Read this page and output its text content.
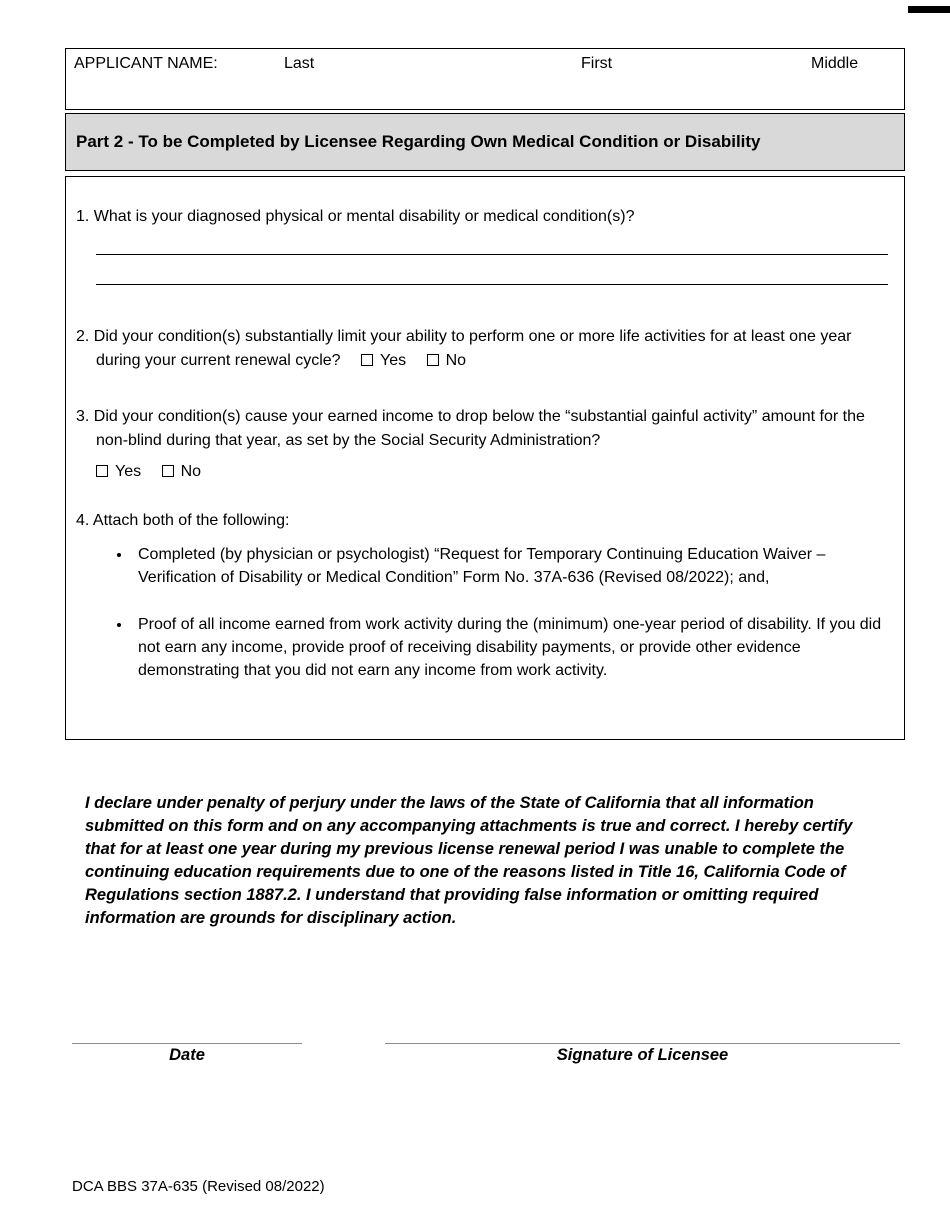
APPLICANT NAME:	Last	First	Middle
Part 2 - To be Completed by Licensee Regarding Own Medical Condition or Disability
1. What is your diagnosed physical or mental disability or medical condition(s)?
2. Did your condition(s) substantially limit your ability to perform one or more life activities for at least one year during your current renewal cycle? Yes No
3. Did your condition(s) cause your earned income to drop below the “substantial gainful activity” amount for the non-blind during that year, as set by the Social Security Administration?
Yes No
4. Attach both of the following:
• Completed (by physician or psychologist) “Request for Temporary Continuing Education Waiver – Verification of Disability or Medical Condition” Form No. 37A-636 (Revised 08/2022); and,
• Proof of all income earned from work activity during the (minimum) one-year period of disability. If you did not earn any income, provide proof of receiving disability payments, or provide other evidence demonstrating that you did not earn any income from work activity.
I declare under penalty of perjury under the laws of the State of California that all information submitted on this form and on any accompanying attachments is true and correct. I hereby certify that for at least one year during my previous license renewal period I was unable to complete the continuing education requirements due to one of the reasons listed in Title 16, California Code of Regulations section 1887.2. I understand that providing false information or omitting required information are grounds for disciplinary action.
Date	Signature of Licensee
DCA BBS 37A-635 (Revised 08/2022)
